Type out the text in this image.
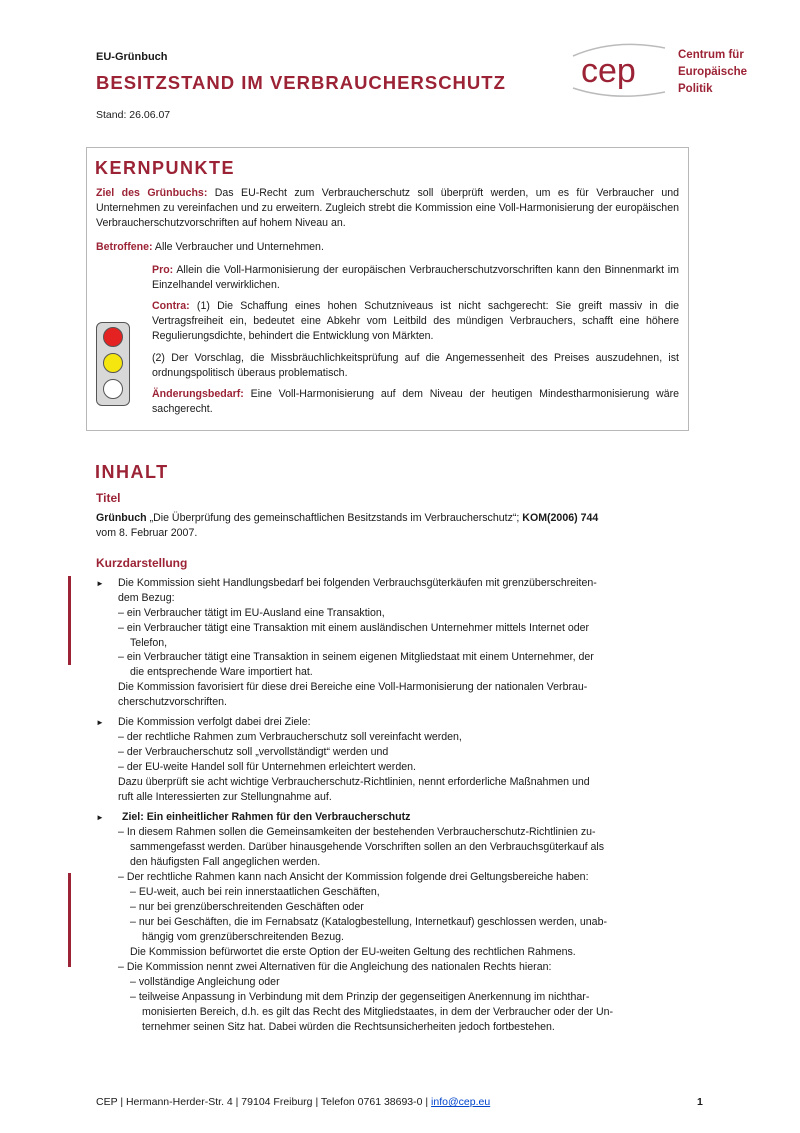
EU-Grünbuch
BESITZSTAND IM VERBRAUCHERSCHUTZ
Stand: 26.06.07
cep	Centrum für
Europäische
Politik
KERNPUNKTE
Ziel des Grünbuchs: Das EU-Recht zum Verbraucherschutz soll überprüft werden, um es für Verbraucher und Unternehmen zu vereinfachen und zu erweitern. Zugleich strebt die Kommission eine Voll-Harmonisierung der europäischen Verbraucherschutzvorschriften auf hohem Niveau an.
Betroffene: Alle Verbraucher und Unternehmen.
Pro: Allein die Voll-Harmonisierung der europäischen Verbraucherschutzvorschriften kann den Binnenmarkt im Einzelhandel verwirklichen.
Contra: (1) Die Schaffung eines hohen Schutzniveaus ist nicht sachgerecht: Sie greift massiv in die Vertragsfreiheit ein, bedeutet eine Abkehr vom Leitbild des mündigen Verbrauchers, schafft eine höhere Regulierungsdichte, behindert die Entwicklung von Märkten.
(2) Der Vorschlag, die Missbräuchlichkeitsprüfung auf die Angemessenheit des Preises auszudehnen, ist ordnungspolitisch überaus problematisch.
Änderungsbedarf: Eine Voll-Harmonisierung auf dem Niveau der heutigen Mindestharmonisierung wäre sachgerecht.
INHALT
Titel
Grünbuch „Die Überprüfung des gemeinschaftlichen Besitzstands im Verbraucherschutz“; KOM(2006) 744
vom 8. Februar 2007.
Kurzdarstellung
► Die Kommission sieht Handlungsbedarf bei folgenden Verbrauchsgüterkäufen mit grenzüberschreiten-
dem Bezug:
– ein Verbraucher tätigt im EU-Ausland eine Transaktion,
– ein Verbraucher tätigt eine Transaktion mit einem ausländischen Unternehmer mittels Internet oder
Telefon,
– ein Verbraucher tätigt eine Transaktion in seinem eigenen Mitgliedstaat mit einem Unternehmer, der
die entsprechende Ware importiert hat.
Die Kommission favorisiert für diese drei Bereiche eine Voll-Harmonisierung der nationalen Verbrau-
cherschutzvorschriften.
► Die Kommission verfolgt dabei drei Ziele:
– der rechtliche Rahmen zum Verbraucherschutz soll vereinfacht werden,
– der Verbraucherschutz soll „vervollständigt“ werden und
– der EU-weite Handel soll für Unternehmen erleichtert werden.
Dazu überprüft sie acht wichtige Verbraucherschutz-Richtlinien, nennt erforderliche Maßnahmen und
ruft alle Interessierten zur Stellungnahme auf.
► Ziel: Ein einheitlicher Rahmen für den Verbraucherschutz
– In diesem Rahmen sollen die Gemeinsamkeiten der bestehenden Verbraucherschutz-Richtlinien zu-
sammengefasst werden. Darüber hinausgehende Vorschriften sollen an den Verbrauchsgüterkauf als
den häufigsten Fall angeglichen werden.
– Der rechtliche Rahmen kann nach Ansicht der Kommission folgende drei Geltungsbereiche haben:
– EU-weit, auch bei rein innerstaatlichen Geschäften,
– nur bei grenzüberschreitenden Geschäften oder
– nur bei Geschäften, die im Fernabsatz (Katalogbestellung, Internetkauf) geschlossen werden, unab-
hängig vom grenzüberschreitenden Bezug.
Die Kommission befürwortet die erste Option der EU-weiten Geltung des rechtlichen Rahmens.
– Die Kommission nennt zwei Alternativen für die Angleichung des nationalen Rechts hieran:
– vollständige Angleichung oder
– teilweise Anpassung in Verbindung mit dem Prinzip der gegenseitigen Anerkennung im nichthar-
monisierten Bereich, d.h. es gilt das Recht des Mitgliedstaates, in dem der Verbraucher oder der Un-
ternehmer seinen Sitz hat. Dabei würden die Rechtsunsicherheiten jedoch fortbestehen.
CEP | Hermann-Herder-Str. 4 | 79104 Freiburg | Telefon 0761 38693-0 | info@cep.eu	1
